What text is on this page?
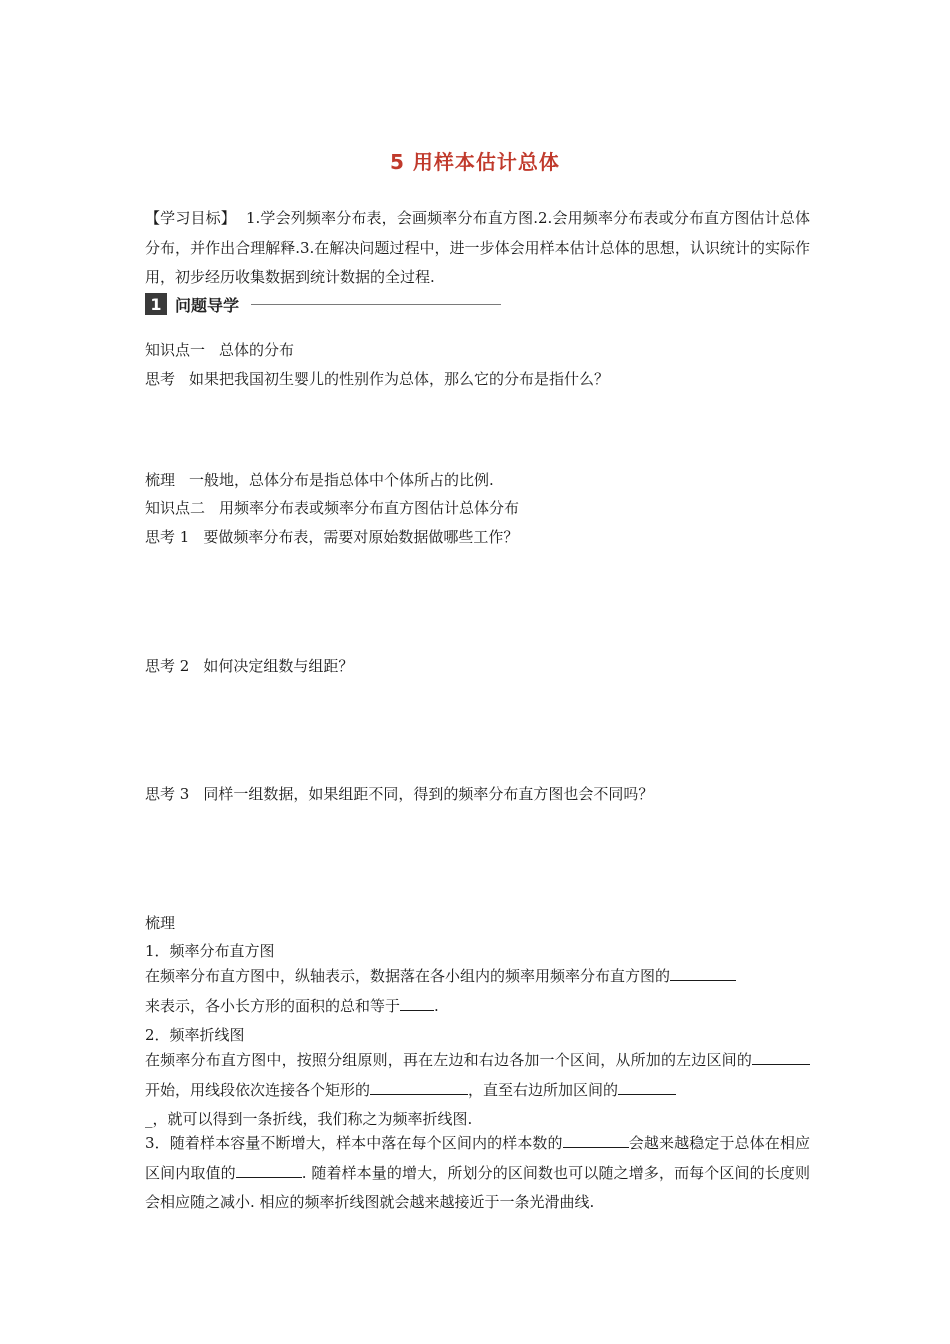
5 用样本估计总体
【学习目标】 1.学会列频率分布表，会画频率分布直方图.2.会用频率分布表或分布直方图估计总体分布，并作出合理解释.3.在解决问题过程中，进一步体会用样本估计总体的思想，认识统计的实际作用，初步经历收集数据到统计数据的全过程.
1 问题导学
知识点一 总体的分布
思考 如果把我国初生婴儿的性别作为总体，那么它的分布是指什么？
梳理 一般地，总体分布是指总体中个体所占的比例.
知识点二 用频率分布表或频率分布直方图估计总体分布
思考 1 要做频率分布表，需要对原始数据做哪些工作？
思考 2 如何决定组数与组距？
思考 3 同样一组数据，如果组距不同，得到的频率分布直方图也会不同吗？
梳理
1．频率分布直方图
在频率分布直方图中，纵轴表示，数据落在各小组内的频率用频率分布直方图的
来表示，各小长方形的面积的总和等于 .
2．频率折线图
在频率分布直方图中，按照分组原则，再在左边和右边各加一个区间，从所加的左边区间的开始，用线段依次连接各个矩形的	，直至右边所加区间的
_，就可以得到一条折线，我们称之为频率折线图.
3．随着样本容量不断增大，样本中落在每个区间内的样本数的	会越来越稳定于总体在相应区间内取值的	. 随着样本量的增大，所划分的区间数也可以随之增多，而每个区间的长度则会相应随之减小. 相应的频率折线图就会越来越接近于一条光滑曲线.
